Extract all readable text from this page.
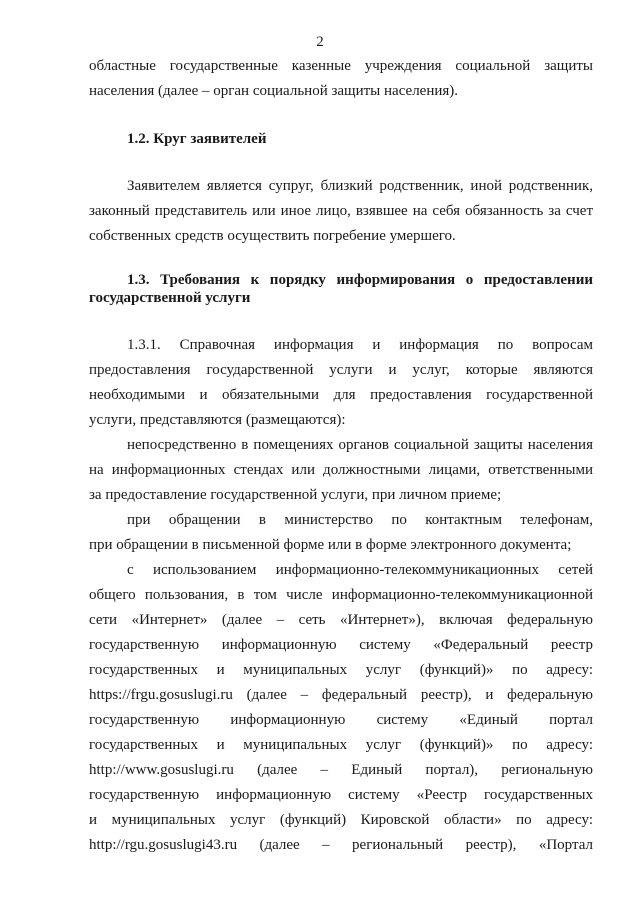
2
областные государственные казенные учреждения социальной защиты
населения (далее – орган социальной защиты населения).
1.2. Круг заявителей
Заявителем является супруг, близкий родственник, иной родственник,
законный представитель или иное лицо, взявшее на себя обязанность за счет
собственных средств осуществить погребение умершего.
1.3. Требования к порядку информирования о предоставлении
государственной услуги
1.3.1. Справочная информация и информация по вопросам
предоставления государственной услуги и услуг, которые являются
необходимыми и обязательными для предоставления государственной
услуги, представляются (размещаются):
непосредственно в помещениях органов социальной защиты населения
на информационных стендах или должностными лицами, ответственными
за предоставление государственной услуги, при личном приеме;
при обращении в министерство по контактным телефонам,
при обращении в письменной форме или в форме электронного документа;
с использованием информационно-телекоммуникационных сетей
общего пользования, в том числе информационно-телекоммуникационной
сети «Интернет» (далее – сеть «Интернет»), включая федеральную
государственную информационную систему «Федеральный реестр
государственных и муниципальных услуг (функций)» по адресу:
https://frgu.gosuslugi.ru (далее – федеральный реестр), и федеральную
государственную информационную систему «Единый портал
государственных и муниципальных услуг (функций)» по адресу:
http://www.gosuslugi.ru (далее – Единый портал), региональную
государственную информационную систему «Реестр государственных
и муниципальных услуг (функций) Кировской области» по адресу:
http://rgu.gosuslugi43.ru (далее – региональный реестр), «Портал
